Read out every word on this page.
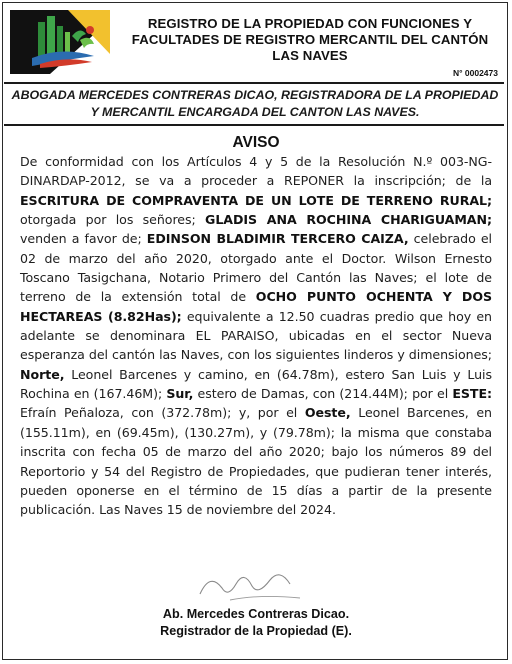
REGISTRO DE LA PROPIEDAD CON FUNCIONES Y FACULTADES DE REGISTRO MERCANTIL DEL CANTÓN LAS NAVES

N° 0002473

ABOGADA MERCEDES CONTRERAS DICAO, REGISTRADORA DE LA PROPIEDAD Y MERCANTIL ENCARGADA DEL CANTON LAS NAVES.

AVISO

De conformidad con los Artículos 4 y 5 de la Resolución N.º 003-NG- DINARDAP-2012, se va a proceder a REPONER la inscripción; de la ESCRITURA DE COMPRAVENTA DE UN LOTE DE TERRENO RURAL; otorgada por los señores; GLADIS ANA ROCHINA CHARIGUAMAN; venden a favor de; EDINSON BLADIMIR TERCERO CAIZA, celebrado el 02 de marzo del año 2020, otorgado ante el Doctor. Wilson Ernesto Toscano Tasigchana, Notario Primero del Cantón las Naves; el lote de terreno de la extensión total de OCHO PUNTO OCHENTA Y DOS HECTAREAS (8.82Has); equivalente a 12.50 cuadras predio que hoy en adelante se denominara EL PARAISO, ubicadas en el sector Nueva esperanza del cantón las Naves, con los siguientes linderos y dimensiones; Norte, Leonel Barcenes y camino, en (64.78m), estero San Luis y Luis Rochina en (167.46M); Sur, estero de Damas, con (214.44M); por el ESTE: Efraín Peñaloza, con (372.78m); y, por el Oeste, Leonel Barcenes, en (155.11m), en (69.45m), (130.27m), y (79.78m); la misma que constaba inscrita con fecha 05 de marzo del año 2020; bajo los números 89 del Reportorio y 54 del Registro de Propiedades, que pudieran tener interés, pueden oponerse en el término de 15 días a partir de la presente publicación. Las Naves 15 de noviembre del 2024.

Ab. Mercedes Contreras Dicao.

Registrador de la Propiedad (E).
